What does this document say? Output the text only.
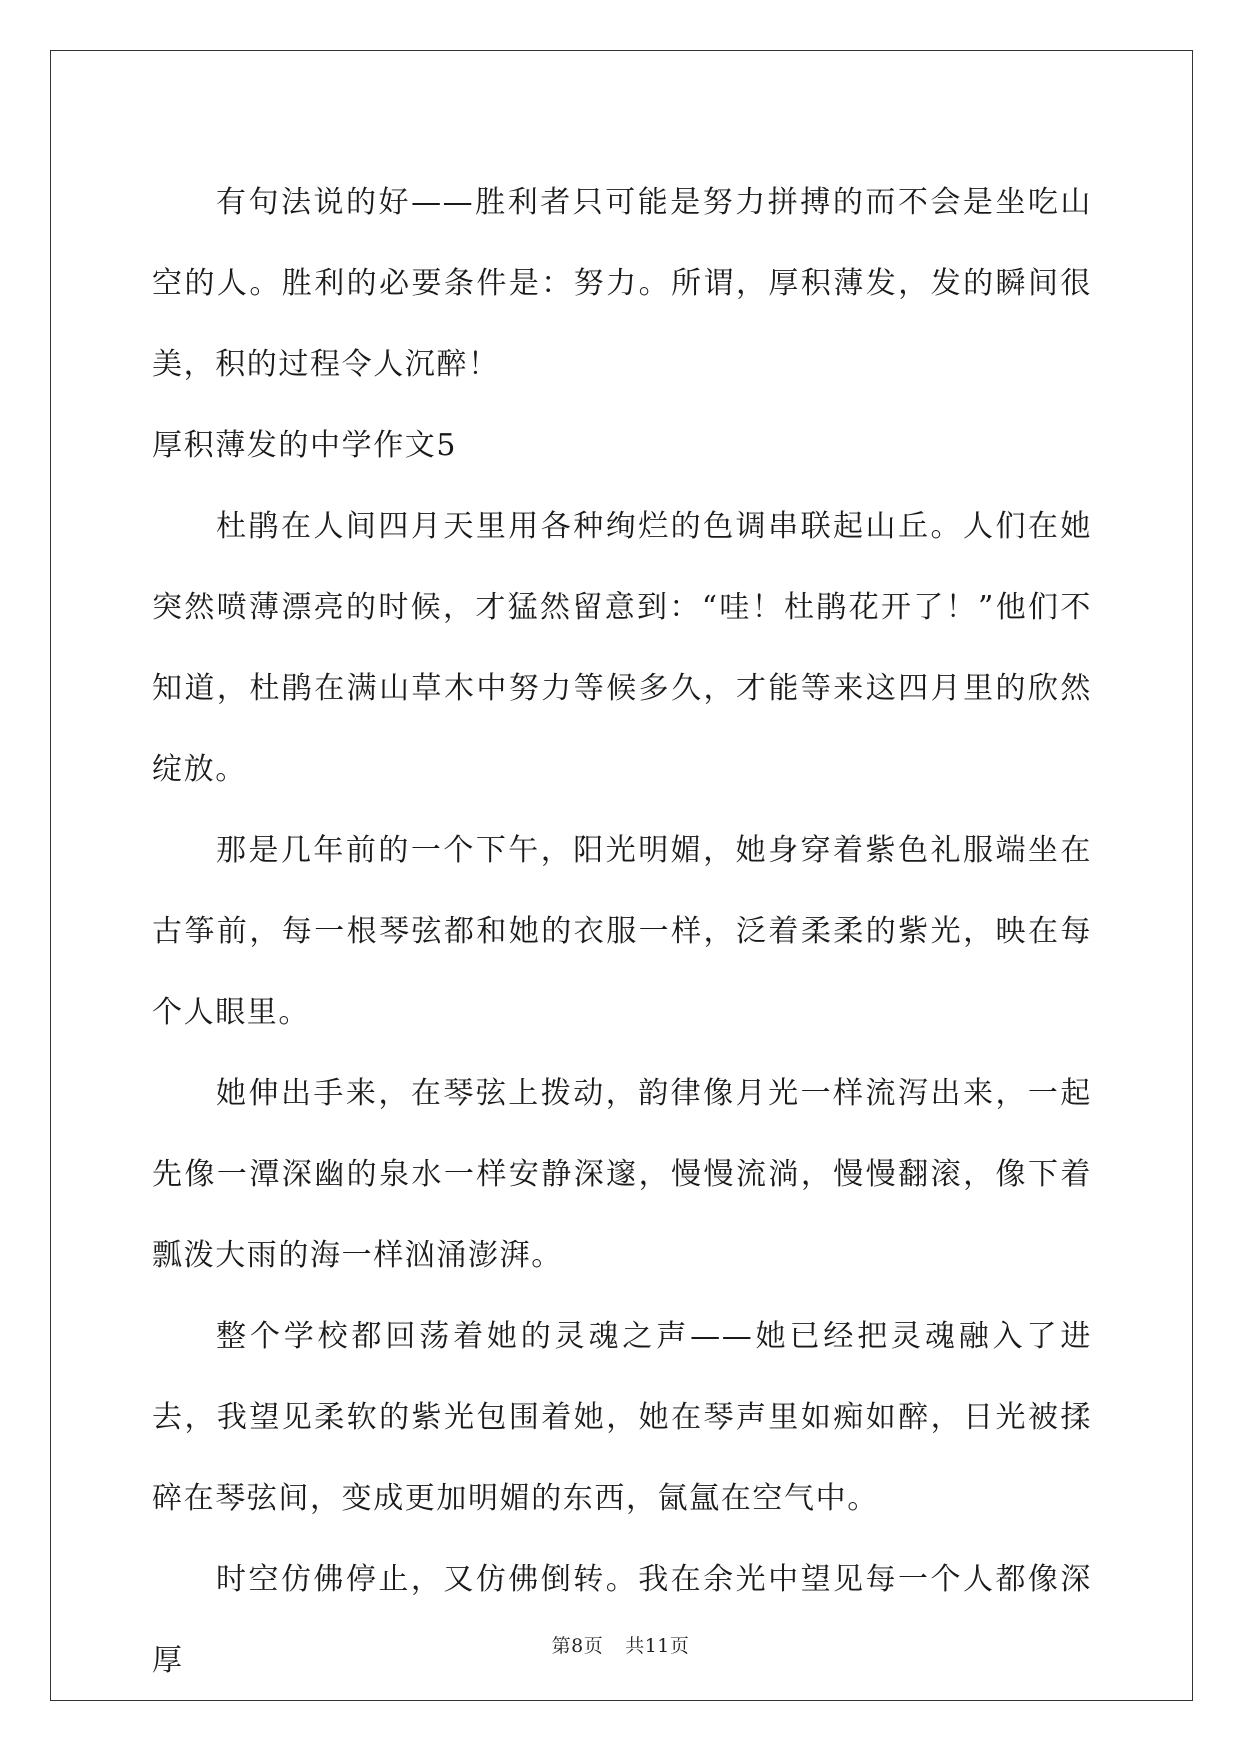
有句法说的好——胜利者只可能是努力拼搏的而不会是坐吃山空的人。胜利的必要条件是：努力。所谓，厚积薄发，发的瞬间很美，积的过程令人沉醉！

厚积薄发的中学作文5

杜鹃在人间四月天里用各种绚烂的色调串联起山丘。人们在她突然喷薄漂亮的时候，才猛然留意到：“哇！杜鹃花开了！”他们不知道，杜鹃在满山草木中努力等候多久，才能等来这四月里的欣然绽放。

那是几年前的一个下午，阳光明媚，她身穿着紫色礼服端坐在古筝前，每一根琴弦都和她的衣服一样，泛着柔柔的紫光，映在每个人眼里。

她伸出手来，在琴弦上拨动，韵律像月光一样流泻出来，一起先像一潭深幽的泉水一样安静深邃，慢慢流淌，慢慢翻滚，像下着瓢泼大雨的海一样汹涌澎湃。

整个学校都回荡着她的灵魂之声——她已经把灵魂融入了进去，我望见柔软的紫光包围着她，她在琴声里如痴如醉，日光被揉碎在琴弦间，变成更加明媚的东西，氤氲在空气中。

时空仿佛停止，又仿佛倒转。我在余光中望见每一个人都像深厚	第8页 共11页
